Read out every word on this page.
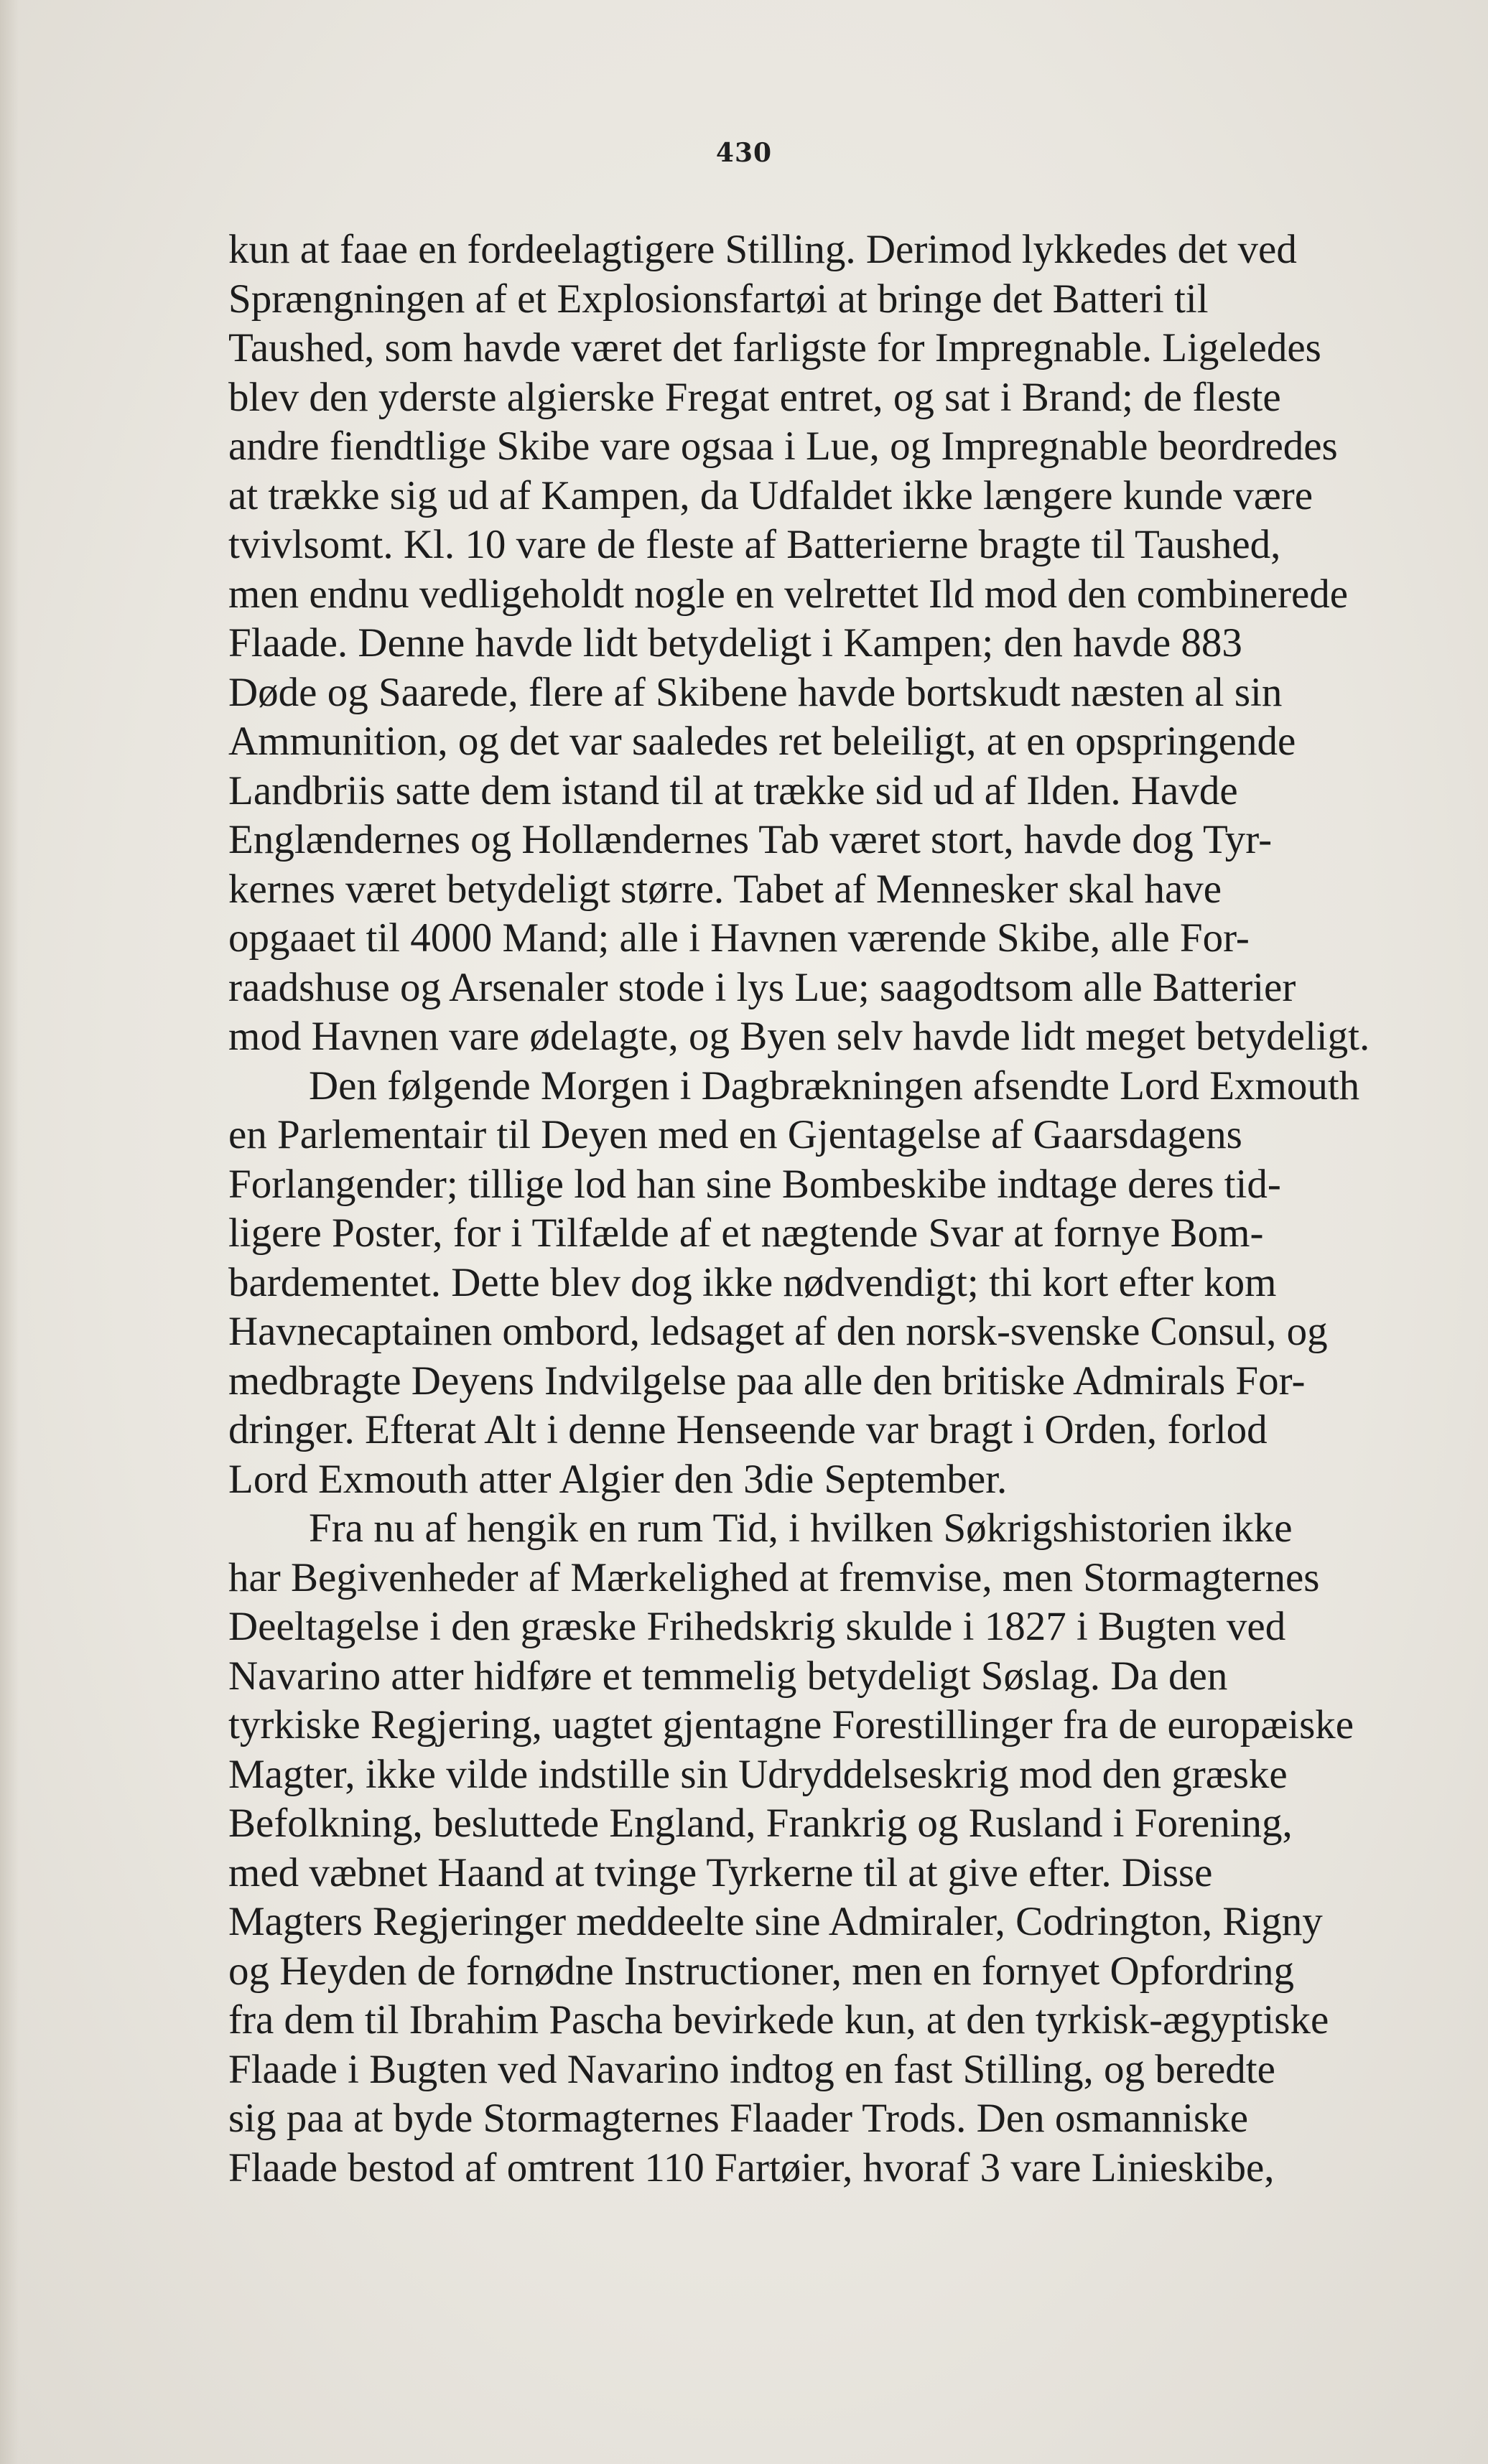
430

kun at faae en fordeelagtigere Stilling. Derimod lykkedes det ved
Sprængningen af et Explosionsfartøi at bringe det Batteri til
Taushed, som havde været det farligste for Impregnable. Ligeledes
blev den yderste algierske Fregat entret, og sat i Brand; de fleste
andre fiendtlige Skibe vare ogsaa i Lue, og Impregnable beordredes
at trække sig ud af Kampen, da Udfaldet ikke længere kunde være
tvivlsomt. Kl. 10 vare de fleste af Batterierne bragte til Taushed,
men endnu vedligeholdt nogle en velrettet Ild mod den combinerede
Flaade. Denne havde lidt betydeligt i Kampen; den havde 883
Døde og Saarede, flere af Skibene havde bortskudt næsten al sin
Ammunition, og det var saaledes ret beleiligt, at en opspringende
Landbriis satte dem istand til at trække sid ud af Ilden. Havde
Englændernes og Hollændernes Tab været stort, havde dog Tyr-
kernes været betydeligt større. Tabet af Mennesker skal have
opgaaet til 4000 Mand; alle i Havnen værende Skibe, alle For-
raadshuse og Arsenaler stode i lys Lue; saagodtsom alle Batterier
mod Havnen vare ødelagte, og Byen selv havde lidt meget betydeligt.

Den følgende Morgen i Dagbrækningen afsendte Lord Exmouth
en Parlementair til Deyen med en Gjentagelse af Gaarsdagens
Forlangender; tillige lod han sine Bombeskibe indtage deres tid-
ligere Poster, for i Tilfælde af et nægtende Svar at fornye Bom-
bardementet. Dette blev dog ikke nødvendigt; thi kort efter kom
Havnecaptainen ombord, ledsaget af den norsk-svenske Consul, og
medbragte Deyens Indvilgelse paa alle den britiske Admirals For-
dringer. Efterat Alt i denne Henseende var bragt i Orden, forlod
Lord Exmouth atter Algier den 3die September.

Fra nu af hengik en rum Tid, i hvilken Søkrigshistorien ikke
har Begivenheder af Mærkelighed at fremvise, men Stormagternes
Deeltagelse i den græske Frihedskrig skulde i 1827 i Bugten ved
Navarino atter hidføre et temmelig betydeligt Søslag. Da den
tyrkiske Regjering, uagtet gjentagne Forestillinger fra de europæiske
Magter, ikke vilde indstille sin Udryddelseskrig mod den græske
Befolkning, besluttede England, Frankrig og Rusland i Forening,
med væbnet Haand at tvinge Tyrkerne til at give efter. Disse
Magters Regjeringer meddeelte sine Admiraler, Codrington, Rigny
og Heyden de fornødne Instructioner, men en fornyet Opfordring
fra dem til Ibrahim Pascha bevirkede kun, at den tyrkisk-ægyptiske
Flaade i Bugten ved Navarino indtog en fast Stilling, og beredte
sig paa at byde Stormagternes Flaader Trods. Den osmanniske
Flaade bestod af omtrent 110 Fartøier, hvoraf 3 vare Linieskibe,
